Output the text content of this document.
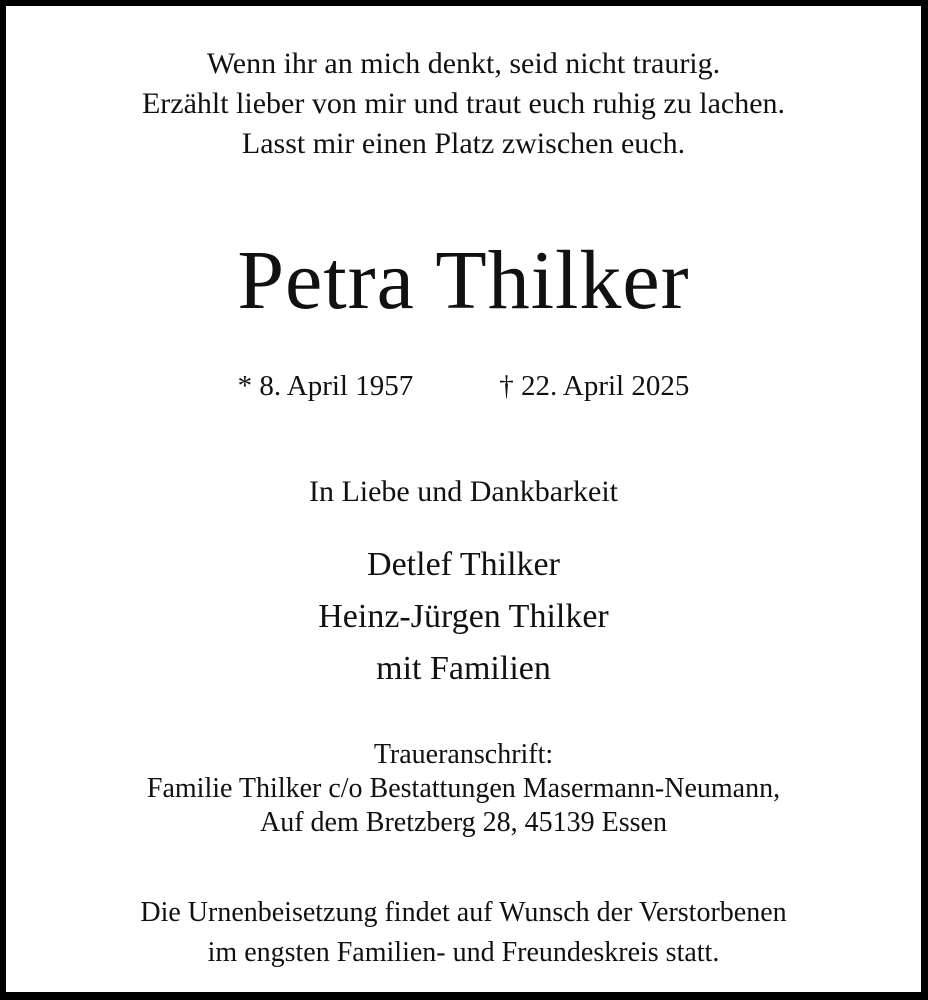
Wenn ihr an mich denkt, seid nicht traurig.
Erzählt lieber von mir und traut euch ruhig zu lachen.
Lasst mir einen Platz zwischen euch.
Petra Thilker
* 8. April 1957	† 22. April 2025
In Liebe und Dankbarkeit
Detlef Thilker
Heinz-Jürgen Thilker
mit Familien
Traueranschrift:
Familie Thilker c/o Bestattungen Masermann-Neumann,
Auf dem Bretzberg 28, 45139 Essen
Die Urnenbeisetzung findet auf Wunsch der Verstorbenen
im engsten Familien- und Freundeskreis statt.
